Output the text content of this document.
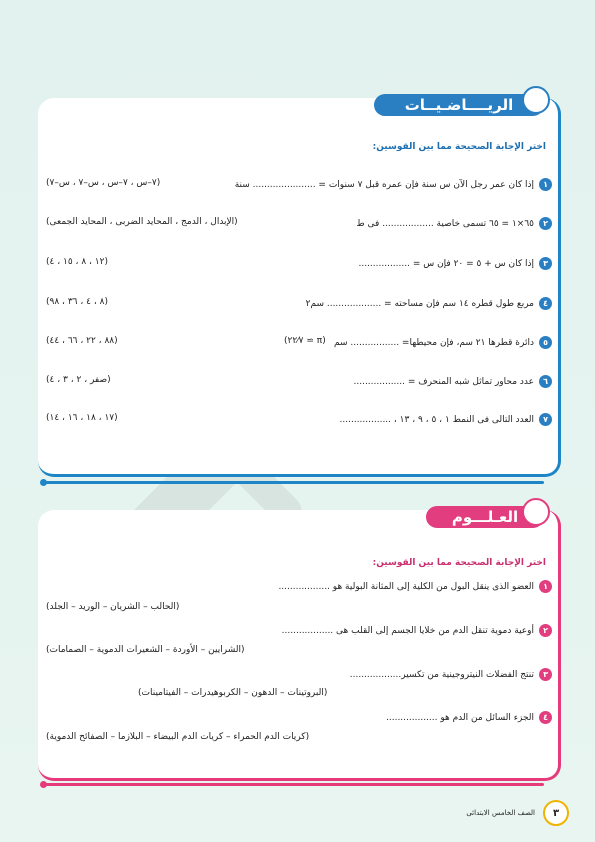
الريــــاضـيــات
٨٠
درجة
اختر الإجابة الصحيحة مما بين القوسين:
١
إذا كان عمر رجل الآن س سنة فإن عمره قبل ٧ سنوات = ...................... سنة
(٧–س ، ٧–س ، س–٧ ، س–٧)
٢
٦٥×١ = ٦٥ تسمى خاصية .................. فى ط
(الإبدال ، الدمج ، المحايد الضربى ، المحايد الجمعى)
٣
إذا كان س + ٥ = ٢٠ فإن س = ..................
(١٢ ، ٨ ، ١٥ ، ٤)
٤
مربع طول قطره ١٤ سم فإن مساحته = ................... سم٢
(٨ ، ٤ ، ٣٦ ، ٩٨)
٥
دائرة قطرها ٢١ سم، فإن محيطها= ................. سم
(π ≃ ٢٢⁄٧)
(٨٨ ، ٢٢ ، ٦٦ ، ٤٤)
٦
عدد محاور تماثل شبه المنحرف = ..................
(صفر ، ٢ ، ٣ ، ٤)
٧
العدد التالى فى النمط ١ ، ٥ ، ٩ ، ١٣ ، ..................
(١٧ ، ١٨ ، ١٦ ، ١٤)
العـلـــوم
٤٠
درجة
اختر الإجابة الصحيحة مما بين القوسين:
١
العضو الذى ينقل البول من الكلية إلى المثانة البولية هو ..................
(الحالب – الشريان – الوريد – الجلد)
٢
أوعية دموية تنقل الدم من خلايا الجسم إلى القلب هى ..................
(الشرايين – الأوردة – الشعيرات الدموية – الصمامات)
٣
تنتج الفضلات النيتروجينية من تكسير..................
(البروتينات – الدهون – الكربوهيدرات – الفيتامينات)
٤
الجزء السائل من الدم هو ..................
(كريات الدم الحمراء – كريات الدم البيضاء – البلازما – الصفائح الدموية)
٣
الصف الخامس الابتدائى
